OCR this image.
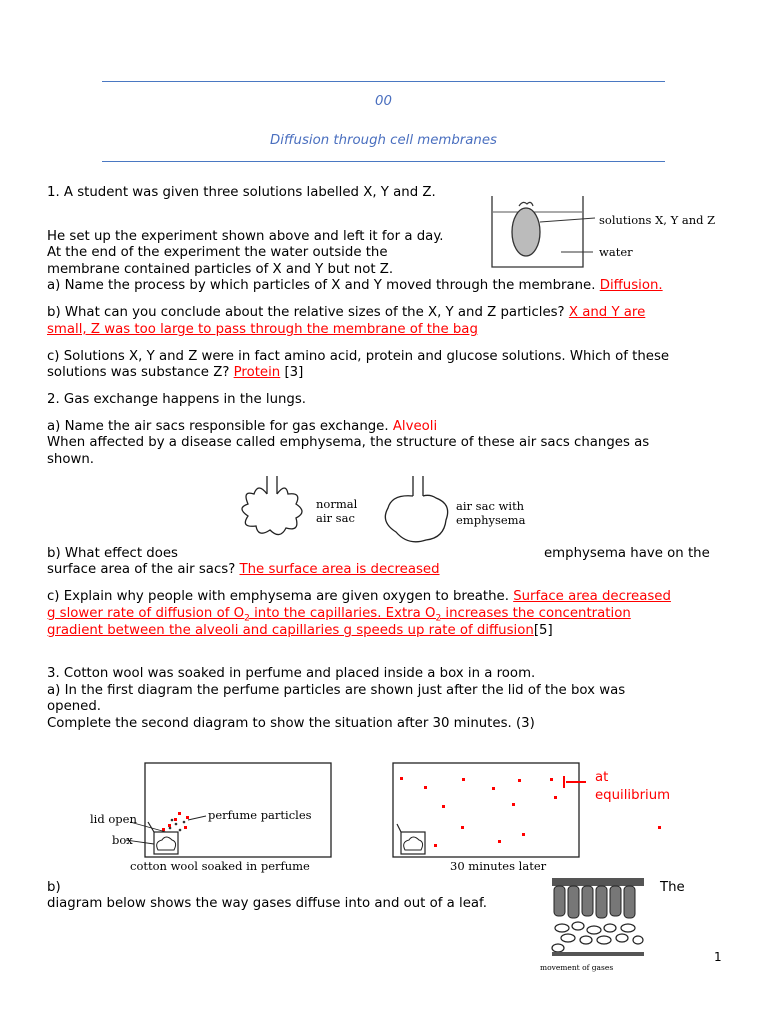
00
Diffusion through cell membranes
1. A student was given three solutions labelled X, Y and Z.
solutions X, Y and Z
water
He set up the experiment shown above and left it for a day.
At the end of the experiment the water outside the
membrane contained particles of X and Y but not Z.
a) Name the process by which particles of X and Y moved through the membrane. Diffusion.
b) What can you conclude about the relative sizes of the X, Y and Z particles? X and Y are
small, Z was too large to pass through the membrane of the bag
c) Solutions X, Y and Z were in fact amino acid, protein and glucose solutions. Which of these
solutions was substance Z? Protein [3]
2. Gas exchange happens in the lungs.
a) Name the air sacs responsible for gas exchange. Alveoli
When affected by a disease called emphysema, the structure of these air sacs changes as
shown.
normal
air sac
air sac with
emphysema
b) What effect does	emphysema have on the
surface area of the air sacs? The surface area is decreased
c) Explain why people with emphysema are given oxygen to breathe. Surface area decreased
g slower rate of diffusion of $O_2$ into the capillaries. Extra $O_2$ increases the concentration
gradient between the alveoli and capillaries g speeds up rate of diffusion[5]
3. Cotton wool was soaked in perfume and placed inside a box in a room.
a) In the first diagram the perfume particles are shown just after the lid of the box was
opened.
Complete the second diagram to show the situation after 30 minutes. (3)
lid open
box
perfume particles
cotton wool soaked in perfume	30 minutes later
at
equilibrium
b)	The
diagram below shows the way gases diffuse into and out of a leaf.
movement of gases
1
